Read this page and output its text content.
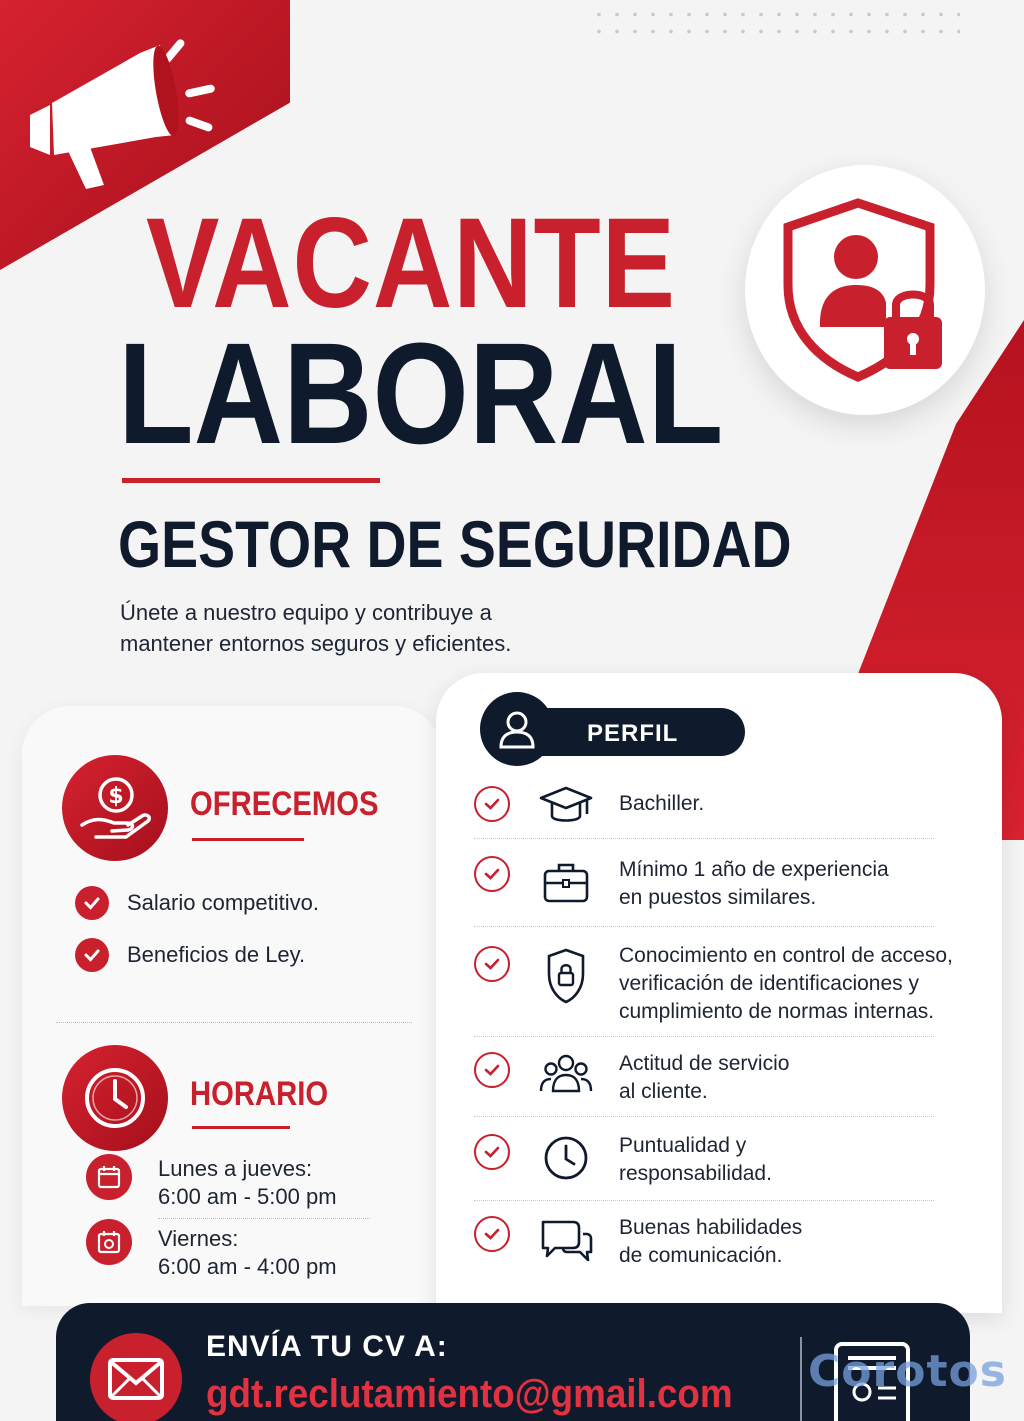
VACANTE
LABORAL
GESTOR DE SEGURIDAD
Únete a nuestro equipo y contribuye a
mantener entornos seguros y eficientes.
$ OFRECEMOS
Salario competitivo.
Beneficios de Ley.
HORARIO
Lunes a jueves:
6:00 am - 5:00 pm
Viernes:
6:00 am - 4:00 pm
PERFIL
Bachiller.
Mínimo 1 año de experiencia
en puestos similares.
Conocimiento en control de acceso,
verificación de identificaciones y
cumplimiento de normas internas.
Actitud de servicio
al cliente.
Puntualidad y
responsabilidad.
Buenas habilidades
de comunicación.
ENVÍA TU CV A:
gdt.reclutamiento@gmail.com Corotos
